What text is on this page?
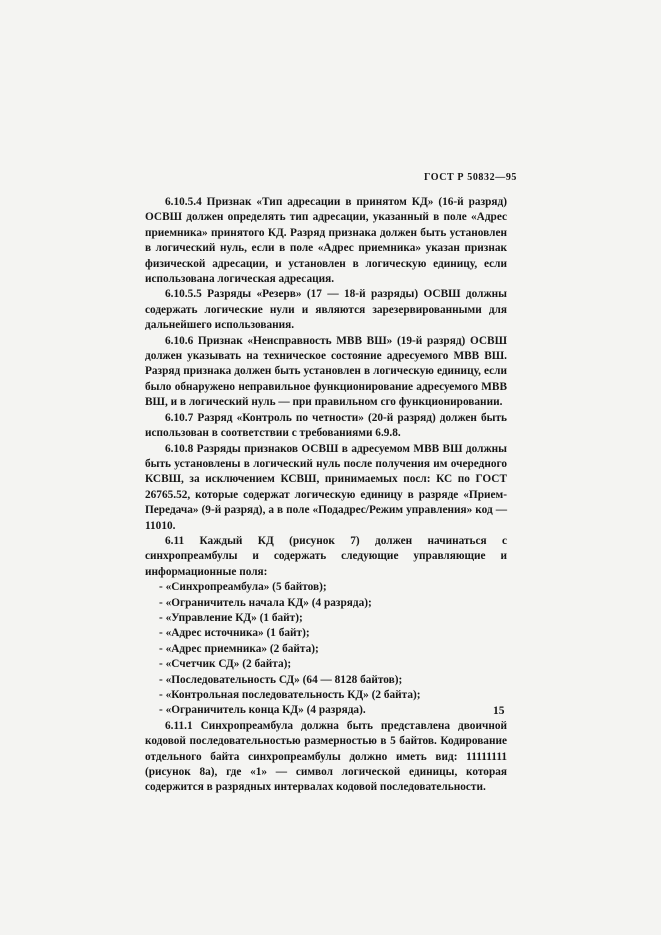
ГОСТ Р 50832—95

6.10.5.4 Признак «Тип адресации в принятом КД» (16-й разряд) ОСВШ должен определять тип адресации, указанный в поле «Адрес приемника» принятого КД. Разряд признака должен быть установлен в логический нуль, если в поле «Адрес приемника» указан признак физической адресации, и установлен в логическую единицу, если использована логическая адресация.

6.10.5.5 Разряды «Резерв» (17 — 18-й разряды) ОСВШ должны содержать логические нули и являются зарезервированными для дальнейшего использования.

6.10.6 Признак «Неисправность МВВ ВШ» (19-й разряд) ОСВШ должен указывать на техническое состояние адресуемого МВВ ВШ. Разряд признака должен быть установлен в логическую единицу, если было обнаружено неправильное функционирование адресуемого МВВ ВШ, и в логический нуль — при правильном сго функционировании.

6.10.7 Разряд «Контроль по четности» (20-й разряд) должен быть использован в соответствии с требованиями 6.9.8.

6.10.8 Разряды признаков ОСВШ в адресуемом МВВ ВШ должны быть установлены в логический нуль после получения им очередного КСВШ, за исключением КСВШ, принимаемых посл: КС по ГОСТ 26765.52, которые содержат логическую единицу в разряде «Прием-Передача» (9-й разряд), а в поле «Подадрес/Режим управления» код —11010.

6.11 Каждый КД (рисунок 7) должен начинаться с синхропреамбулы и содержать следующие управляющие и информационные поля:

- «Синхропреамбула» (5 байтов);
- «Ограничитель начала КД» (4 разряда);
- «Управление КД» (1 байт);
- «Адрес источника» (1 байт);
- «Адрес приемника» (2 байта);
- «Счетчик СД» (2 байта);
- «Последовательность СД» (64 — 8128 байтов);
- «Контрольная последовательность КД» (2 байта);
- «Ограничитель конца КД» (4 разряда).

6.11.1 Синхропреамбула должна быть представлена двоичной кодовой последовательностью размерностью в 5 байтов. Кодирование отдельного байта синхропреамбулы должно иметь вид: 11111111 (рисунок 8а), где «1» — символ логической единицы, которая содержится в разрядных интервалах кодовой последовательности.

15
